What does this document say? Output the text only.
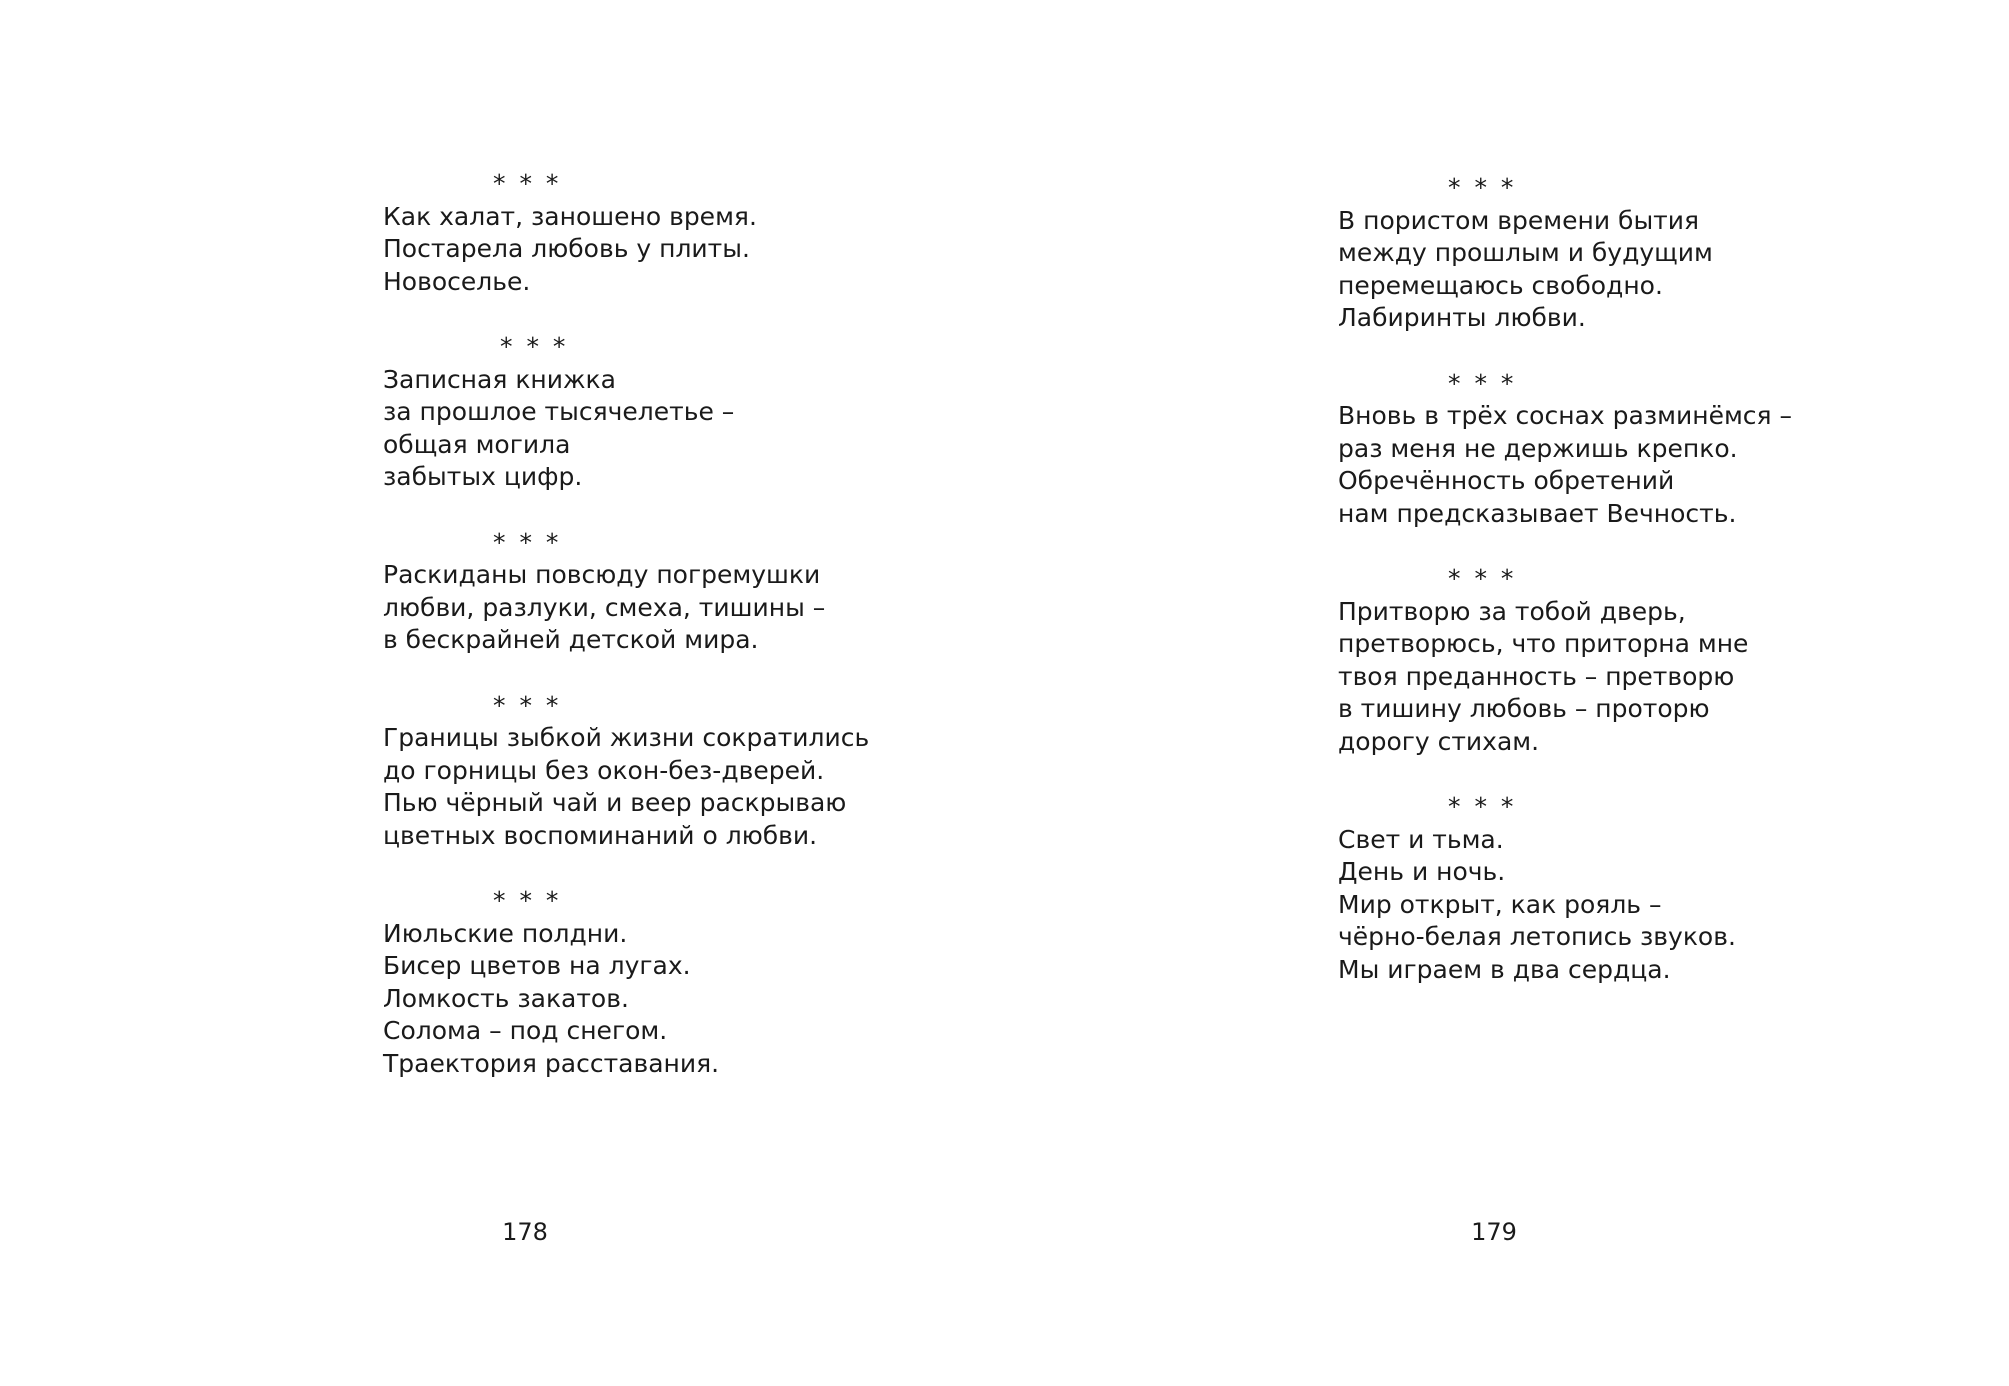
* * *
Как халат, заношено время.
Постарела любовь у плиты.
Новоселье.
* * *
Записная книжка
за прошлое тысячелетье –
общая могила
забытых цифр.
* * *
Раскиданы повсюду погремушки
любви, разлуки, смеха, тишины –
в бескрайней детской мира.
* * *
Границы зыбкой жизни сократились
до горницы без окон-без-дверей.
Пью чёрный чай и веер раскрываю
цветных воспоминаний о любви.
* * *
Июльские полдни.
Бисер цветов на лугах.
Ломкость закатов.
Солома – под снегом.
Траектория расставания.
178
* * *
В пористом времени бытия
между прошлым и будущим
перемещаюсь свободно.
Лабиринты любви.
* * *
Вновь в трёх соснах разминёмся –
раз меня не держишь крепко.
Обречённость обретений
нам предсказывает Вечность.
* * *
Притворю за тобой дверь,
претворюсь, что приторна мне
твоя преданность – претворю
в тишину любовь – проторю
дорогу стихам.
* * *
Свет и тьма.
День и ночь.
Мир открыт, как рояль –
чёрно-белая летопись звуков.
Мы играем в два сердца.
179
